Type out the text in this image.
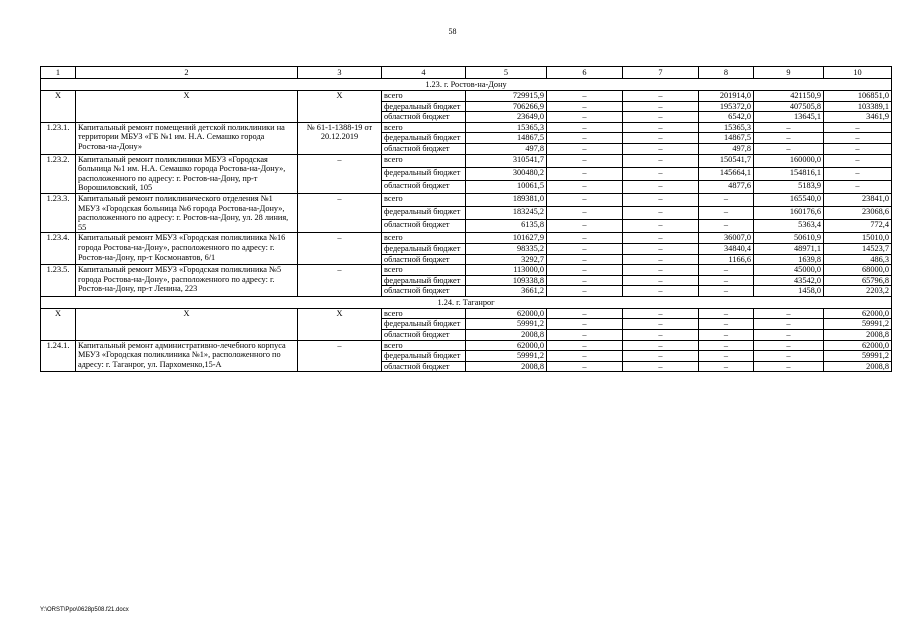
58
1	2	3	4	5	6	7	8	9	10
1.23. г. Ростов-на-Дону									
X	X	X	всего	729915,9	–	–	201914,0	421150,9	106851,0
			федеральный бюджет	706266,9	–	–	195372,0	407505,8	103389,1
			областной бюджет	23649,0	–	–	6542,0	13645,1	3461,9
1.23.1.	Капитальный ремонт помещений детской поликлиники на территории МБУЗ «ГБ №1 им. Н.А. Семашко города Ростова-на-Дону»	№ 61-1-1388-19 от 20.12.2019	всего	15365,3	–	–	15365,3	–	–
			федеральный бюджет	14867,5	–	–	14867,5	–	–
			областной бюджет	497,8	–	–	497,8	–	–
1.23.2.	Капитальный ремонт поликлиники МБУЗ «Городская больница №1 им. Н.А. Семашко города Ростова-на-Дону», расположенного по адресу: г. Ростов-на-Дону, пр-т Ворошиловский, 105	–	всего	310541,7	–	–	150541,7	160000,0	–
			федеральный бюджет	300480,2	–	–	145664,1	154816,1	–
			областной бюджет	10061,5	–	–	4877,6	5183,9	–
1.23.3.	Капитальный ремонт поликлинического отделения №1 МБУЗ «Городская больница №6 города Ростова-на-Дону», расположенного по адресу: г. Ростов-на-Дону, ул. 28 линия, 55	–	всего	189381,0	–	–	–	165540,0	23841,0
			федеральный бюджет	183245,2	–	–	–	160176,6	23068,6
			областной бюджет	6135,8	–	–	–	5363,4	772,4
1.23.4.	Капитальный ремонт МБУЗ «Городская поликлиника №16 города Ростова-на-Дону», расположенного по адресу: г. Ростов-на-Дону, пр-т Космонавтов, 6/1	–	всего	101627,9	–	–	36007,0	50610,9	15010,0
			федеральный бюджет	98335,2	–	–	34840,4	48971,1	14523,7
			областной бюджет	3292,7	–	–	1166,6	1639,8	486,3
1.23.5.	Капитальный ремонт МБУЗ «Городская поликлиника №5 города Ростова-на-Дону», расположенного по адресу: г. Ростов-на-Дону, пр-т Ленина, 223	–	всего	113000,0	–	–	–	45000,0	68000,0
			федеральный бюджет	109338,8	–	–	–	43542,0	65796,8
			областной бюджет	3661,2	–	–	–	1458,0	2203,2
1.24. г. Таганрог									
X	X	X	всего	62000,0	–	–	–	–	62000,0
			федеральный бюджет	59991,2	–	–	–	–	59991,2
			областной бюджет	2008,8	–	–	–	–	2008,8
1.24.1.	Капитальный ремонт административно-лечебного корпуса МБУЗ «Городская поликлиника №1», расположенного по адресу: г. Таганрог, ул. Пархоменко,15-А	–	всего	62000,0	–	–	–	–	62000,0
			федеральный бюджет	59991,2	–	–	–	–	59991,2
			областной бюджет	2008,8	–	–	–	–	2008,8
Y:\ORST\Ppo\0628p508.f21.docx
